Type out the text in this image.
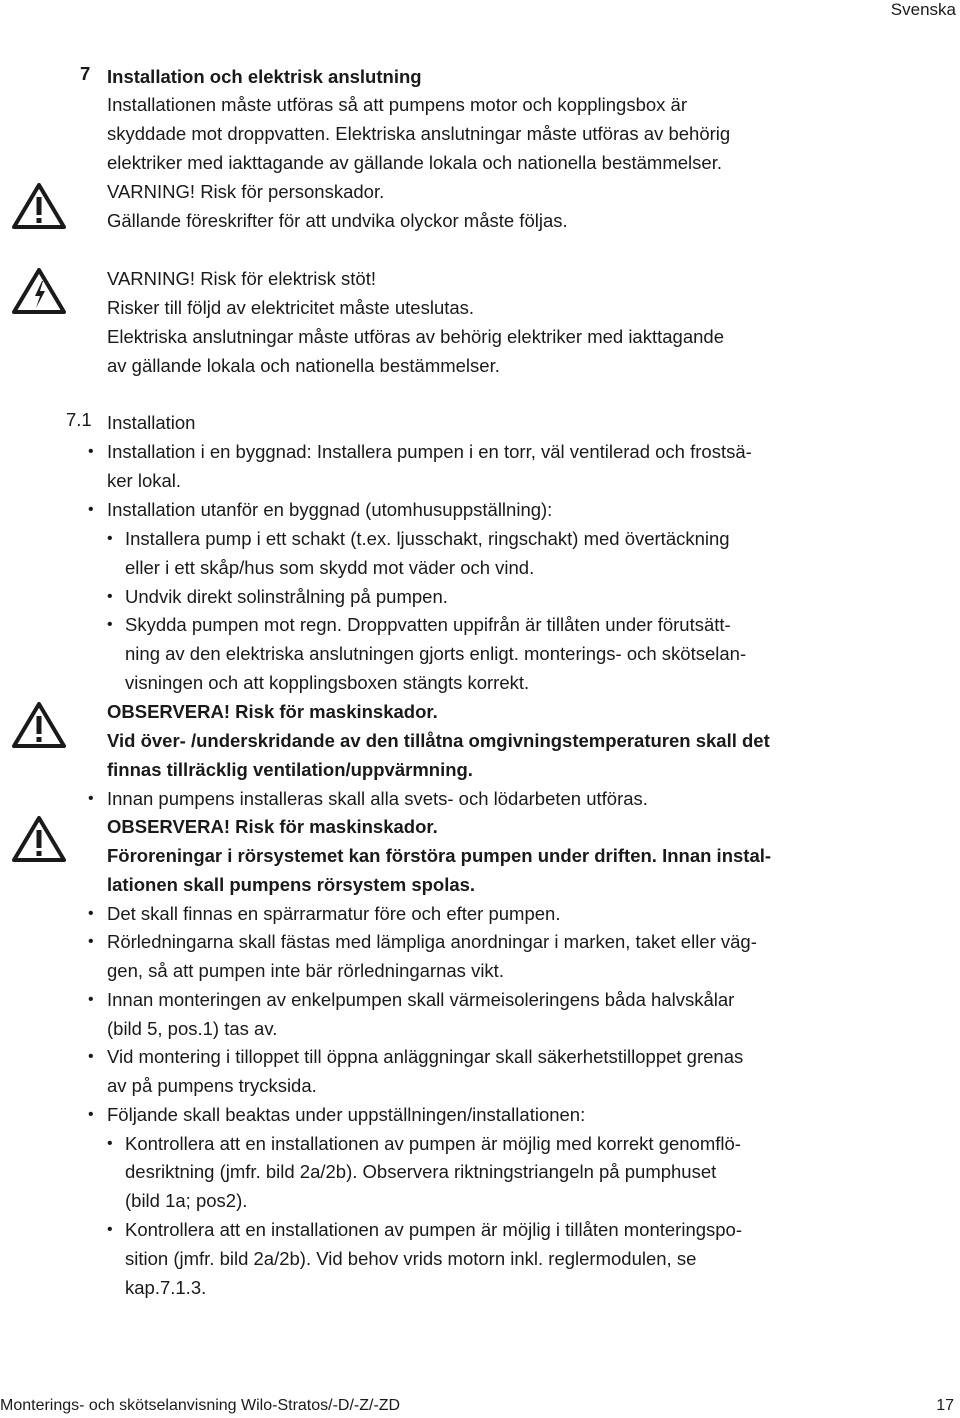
Svenska
7 Installation och elektrisk anslutning
Installationen måste utföras så att pumpens motor och kopplingsbox är
skyddade mot droppvatten. Elektriska anslutningar måste utföras av behörig
elektriker med iakttagande av gällande lokala och nationella bestämmelser.
VARNING! Risk för personskador.
Gällande föreskrifter för att undvika olyckor måste följas.
VARNING! Risk för elektrisk stöt!
Risker till följd av elektricitet måste uteslutas.
Elektriska anslutningar måste utföras av behörig elektriker med iakttagande
av gällande lokala och nationella bestämmelser.
7.1 Installation
• Installation i en byggnad: Installera pumpen i en torr, väl ventilerad och frostsä-
ker lokal.
• Installation utanför en byggnad (utomhusuppställning):
• Installera pump i ett schakt (t.ex. ljusschakt, ringschakt) med övertäckning
eller i ett skåp/hus som skydd mot väder och vind.
• Undvik direkt solinstrålning på pumpen.
• Skydda pumpen mot regn. Droppvatten uppifrån är tillåten under förutsätt-
ning av den elektriska anslutningen gjorts enligt. monterings- och skötselan-
visningen och att kopplingsboxen stängts korrekt.
OBSERVERA! Risk för maskinskador.
Vid över- /underskridande av den tillåtna omgivningstemperaturen skall det
finnas tillräcklig ventilation/uppvärmning.
• Innan pumpens installeras skall alla svets- och lödarbeten utföras.
OBSERVERA! Risk för maskinskador.
Föroreningar i rörsystemet kan förstöra pumpen under driften. Innan instal-
lationen skall pumpens rörsystem spolas.
• Det skall finnas en spärrarmatur före och efter pumpen.
• Rörledningarna skall fästas med lämpliga anordningar i marken, taket eller väg-
gen, så att pumpen inte bär rörledningarnas vikt.
• Innan monteringen av enkelpumpen skall värmeisoleringens båda halvskålar
(bild 5, pos.1) tas av.
• Vid montering i tilloppet till öppna anläggningar skall säkerhetstilloppet grenas
av på pumpens trycksida.
• Följande skall beaktas under uppställningen/installationen:
• Kontrollera att en installationen av pumpen är möjlig med korrekt genomflö-
desriktning (jmfr. bild 2a/2b). Observera riktningstriangeln på pumphuset
(bild 1a; pos2).
• Kontrollera att en installationen av pumpen är möjlig i tillåten monteringspo-
sition (jmfr. bild 2a/2b). Vid behov vrids motorn inkl. reglermodulen, se
kap.7.1.3.
Monterings- och skötselanvisning Wilo-Stratos/-D/-Z/-ZD	17
